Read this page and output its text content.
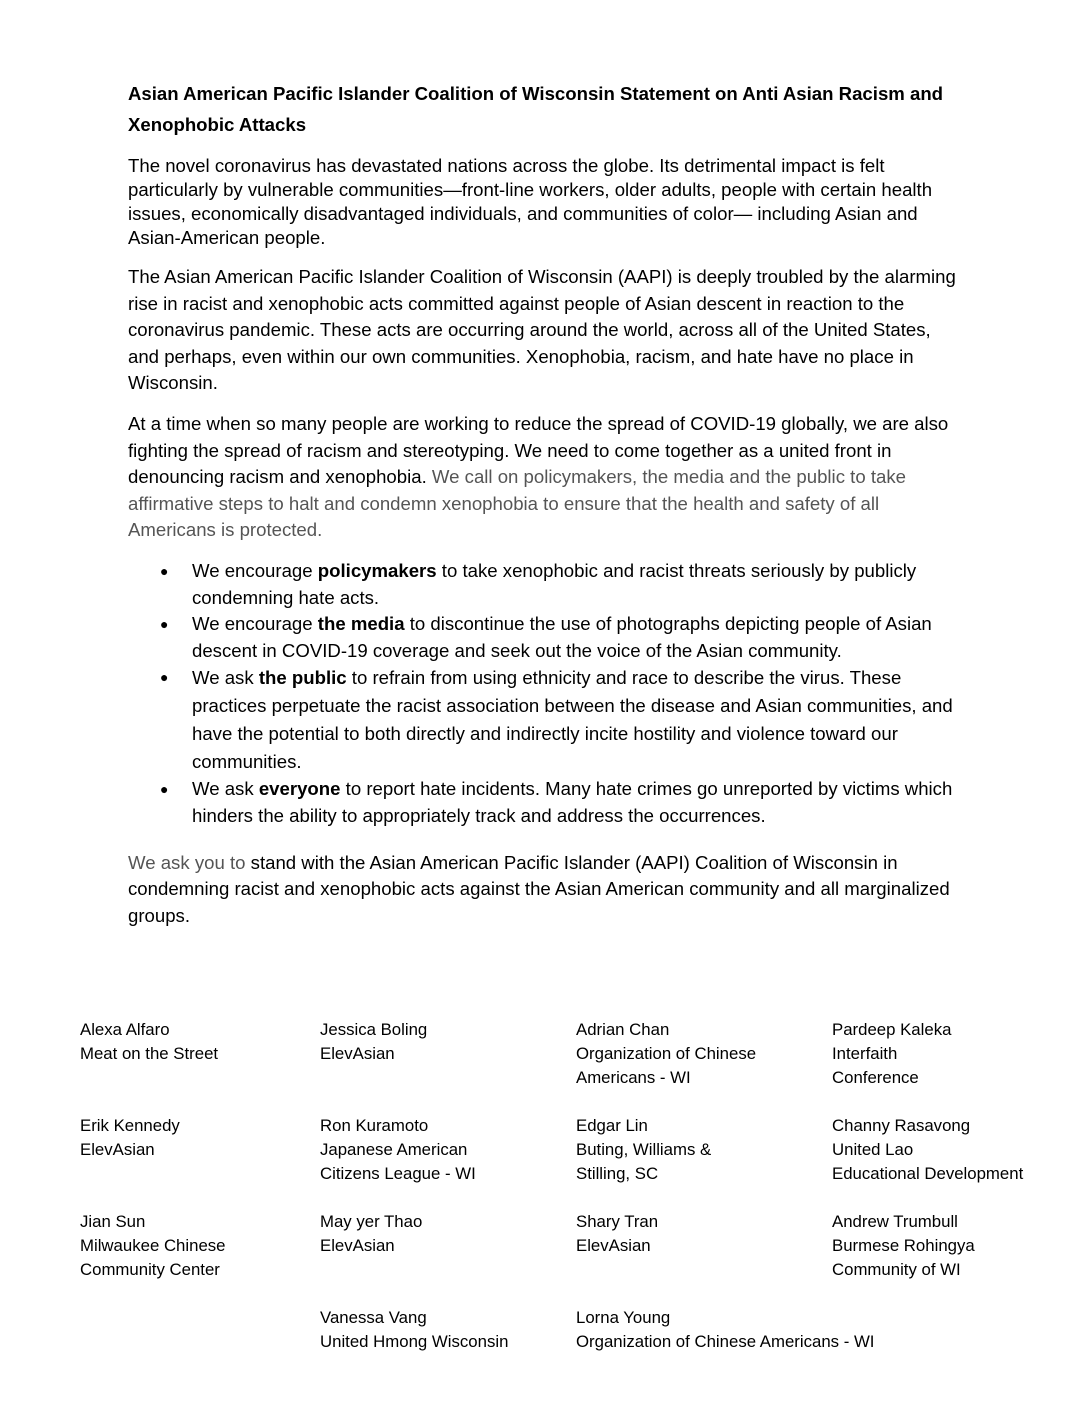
Asian American Pacific Islander Coalition of Wisconsin Statement on Anti Asian Racism and Xenophobic Attacks

The novel coronavirus has devastated nations across the globe. Its detrimental impact is felt particularly by vulnerable communities—front-line workers, older adults, people with certain health issues, economically disadvantaged individuals, and communities of color— including Asian and Asian-American people.

The Asian American Pacific Islander Coalition of Wisconsin (AAPI) is deeply troubled by the alarming rise in racist and xenophobic acts committed against people of Asian descent in reaction to the coronavirus pandemic. These acts are occurring around the world, across all of the United States, and perhaps, even within our own communities. Xenophobia, racism, and hate have no place in Wisconsin.

At a time when so many people are working to reduce the spread of COVID-19 globally, we are also fighting the spread of racism and stereotyping. We need to come together as a united front in denouncing racism and xenophobia. We call on policymakers, the media and the public to take affirmative steps to halt and condemn xenophobia to ensure that the health and safety of all Americans is protected.

● We encourage policymakers to take xenophobic and racist threats seriously by publicly condemning hate acts.
● We encourage the media to discontinue the use of photographs depicting people of Asian descent in COVID-19 coverage and seek out the voice of the Asian community.
● We ask the public to refrain from using ethnicity and race to describe the virus. These practices perpetuate the racist association between the disease and Asian communities, and have the potential to both directly and indirectly incite hostility and violence toward our communities.
● We ask everyone to report hate incidents. Many hate crimes go unreported by victims which hinders the ability to appropriately track and address the occurrences.

We ask you to stand with the Asian American Pacific Islander (AAPI) Coalition of Wisconsin in condemning racist and xenophobic acts against the Asian American community and all marginalized groups.

Alexa Alfaro
Meat on the Street
Jessica Boling
ElevAsian
Adrian Chan
Organization of Chinese
Americans - WI
Pardeep Kaleka
Interfaith
Conference
Erik Kennedy
ElevAsian
Ron Kuramoto
Japanese American
Citizens League - WI
Edgar Lin
Buting, Williams &
Stilling, SC
Channy Rasavong
United Lao
Educational Development
Jian Sun
Milwaukee Chinese
Community Center
May yer Thao
ElevAsian
Shary Tran
ElevAsian
Andrew Trumbull
Burmese Rohingya
Community of WI
Vanessa Vang
United Hmong Wisconsin
Lorna Young
Organization of Chinese Americans - WI
